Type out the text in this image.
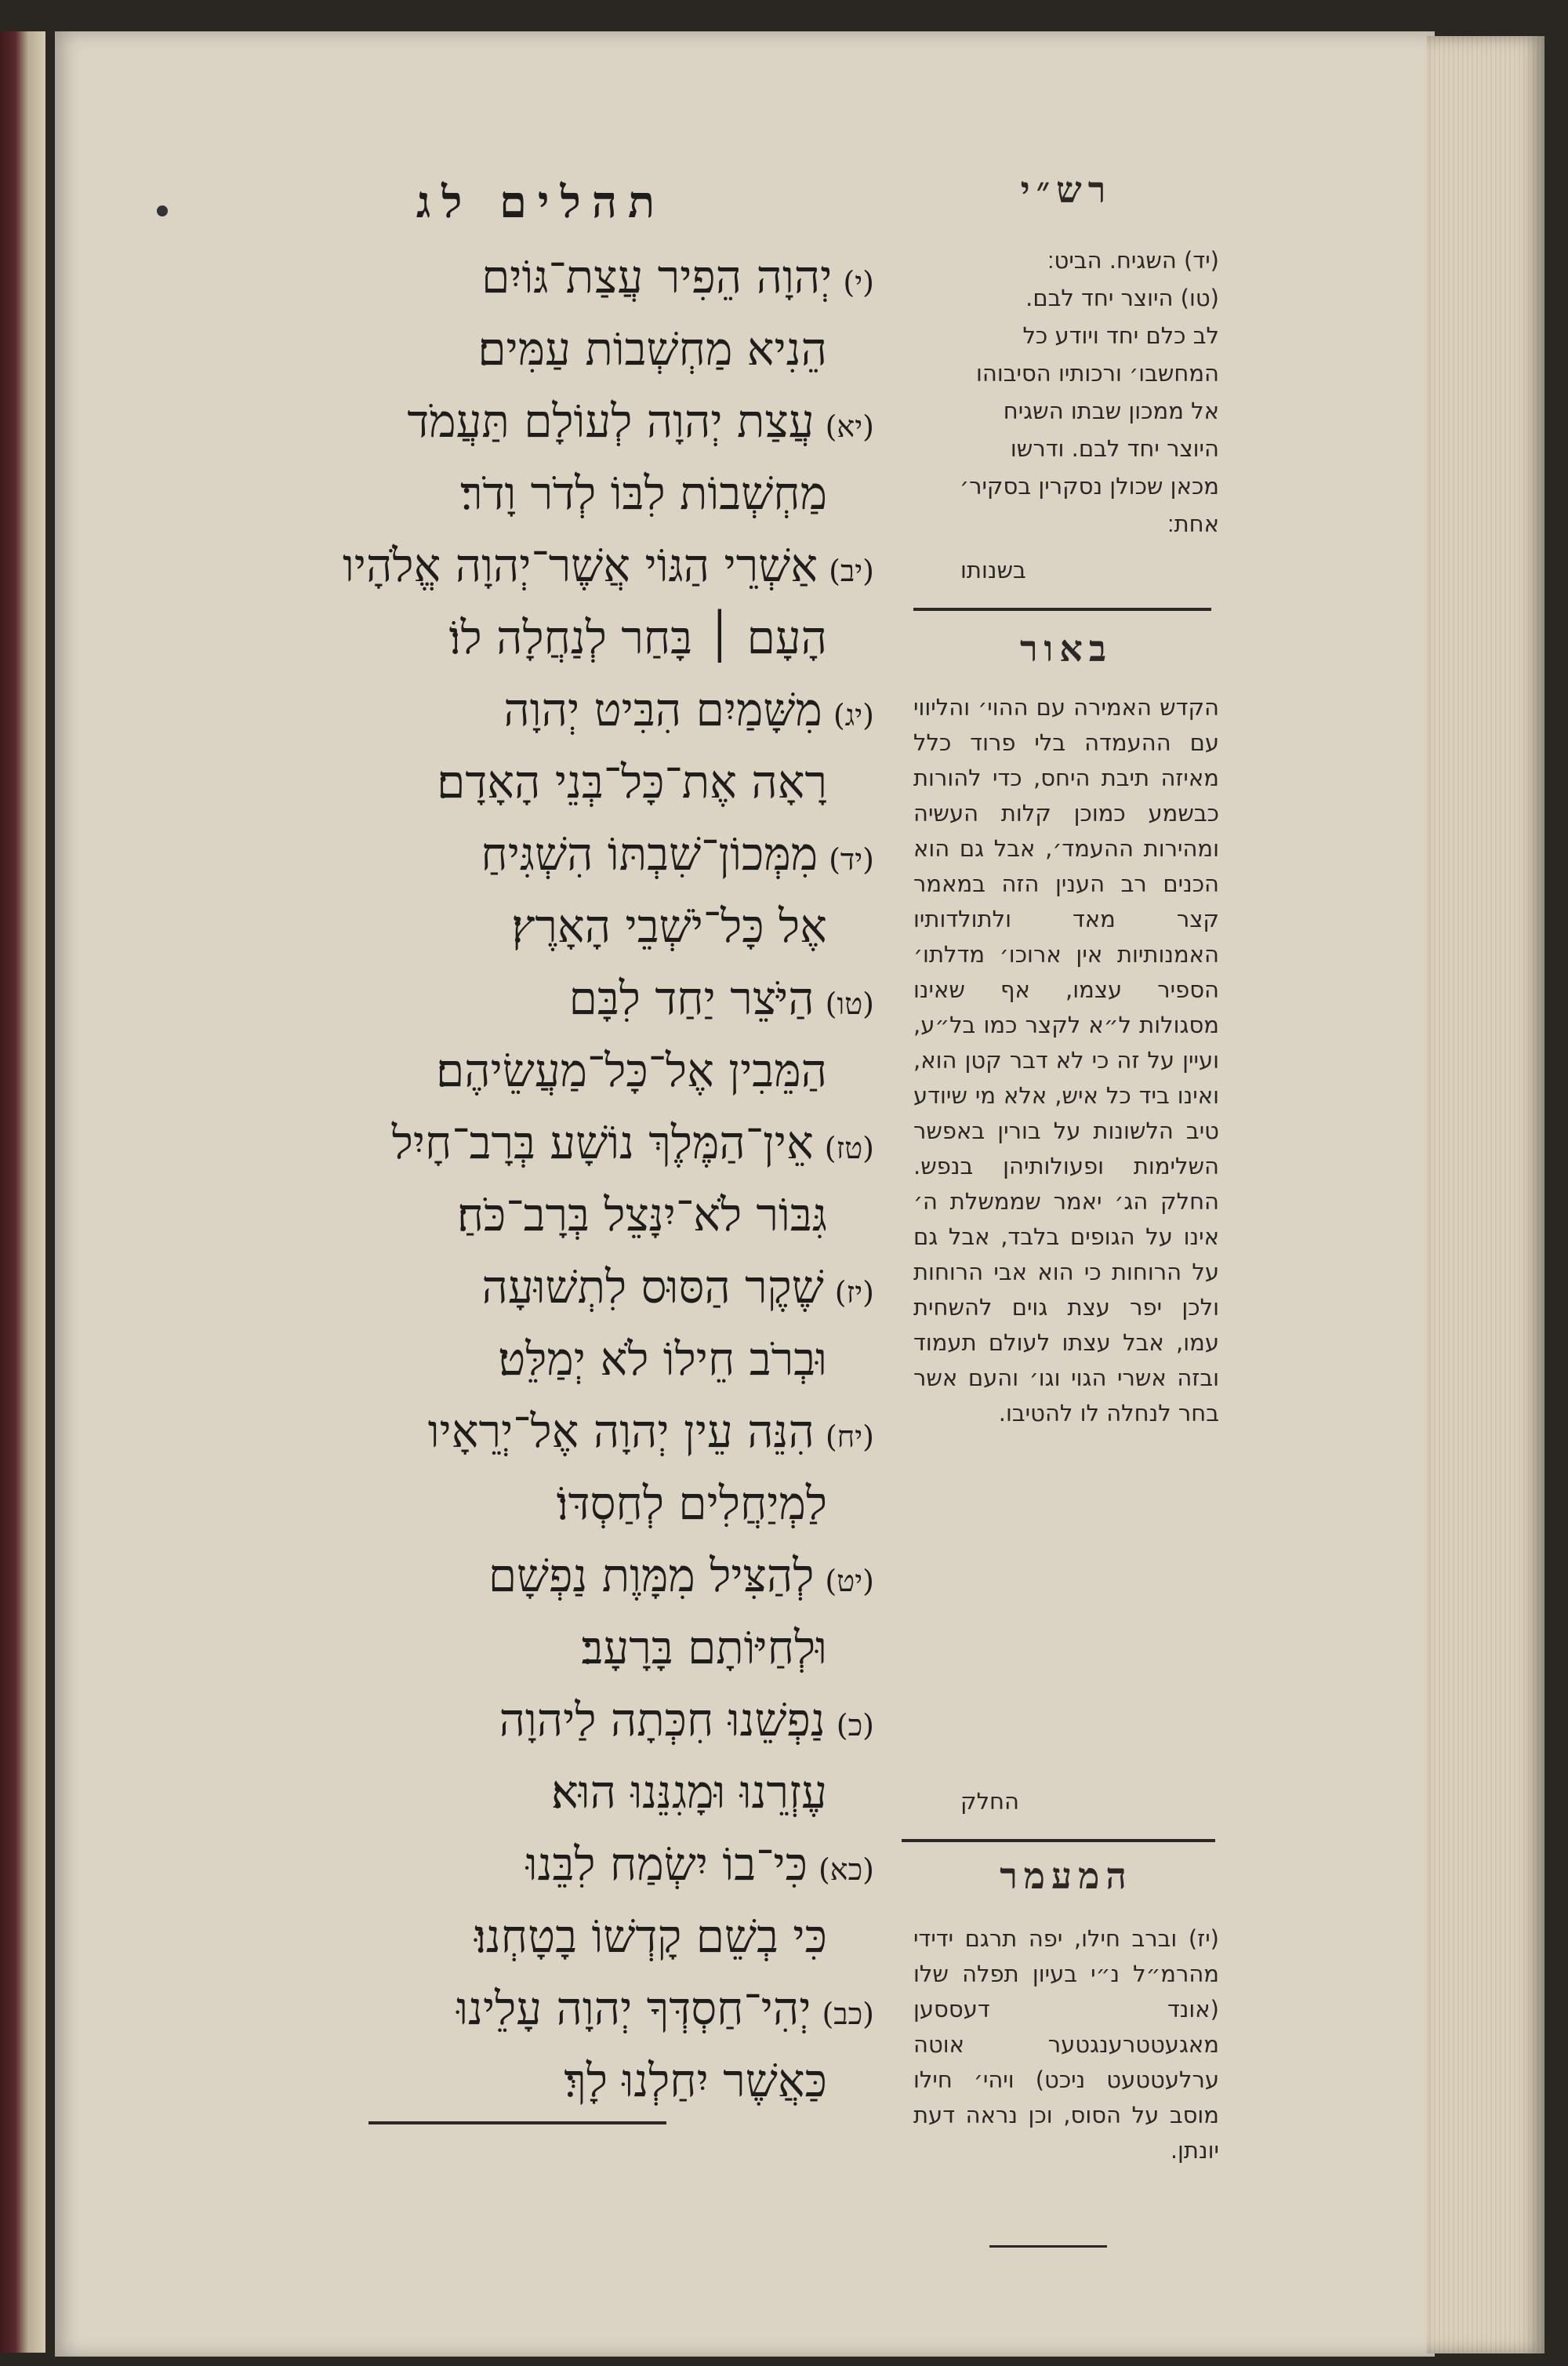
תהלים לג
(י)יְהוָה הֵפִיר עֲצַת־גּוֹיִם
הֵנִיא מַחְשְׁבוֹת עַמִּים׃
(יא)עֲצַת יְהוָה לְעוֹלָם תַּעֲמֹד
מַחְשְׁבוֹת לִבּוֹ לְדֹר וָדֹר׃
(יב)אַשְׁרֵי הַגּוֹי אֲשֶׁר־יְהוָה אֱלֹהָיו
הָעָם ׀ בָּחַר לְנַחֲלָה לוֹ׃
(יג)מִשָּׁמַיִם הִבִּיט יְהוָה
רָאָה אֶת־כָּל־בְּנֵי הָאָדָם׃
(יד)מִמְּכוֹן־שִׁבְתּוֹ הִשְׁגִּיחַ
אֶל כָּל־יֹשְׁבֵי הָאָרֶץ׃
(טו)הַיֹּצֵר יַחַד לִבָּם
הַמֵּבִין אֶל־כָּל־מַעֲשֵׂיהֶם׃
(טז)אֵין־הַמֶּלֶךְ נוֹשָׁע בְּרָב־חָיִל
גִּבּוֹר לֹא־יִנָּצֵל בְּרָב־כֹּחַ׃
(יז)שֶׁקֶר הַסּוּס לִתְשׁוּעָה
וּבְרֹב חֵילוֹ לֹא יְמַלֵּט׃
(יח)הִנֵּה עֵין יְהוָה אֶל־יְרֵאָיו
לַמְיַחֲלִים לְחַסְדּוֹ׃
(יט)לְהַצִּיל מִמָּוֶת נַפְשָׁם
וּלְחַיּוֹתָם בָּרָעָב׃
(כ)נַפְשֵׁנוּ חִכְּתָה לַיהוָה
עֶזְרֵנוּ וּמָגִנֵּנוּ הוּא׃
(כא)כִּי־בוֹ יִשְׂמַח לִבֵּנוּ
כִּי בְשֵׁם קָדְשׁוֹ בָטָחְנוּ׃
(כב)יְהִי־חַסְדְּךָ יְהוָה עָלֵינוּ
כַּאֲשֶׁר יִחַלְנוּ לָךְ׃
רש״י
(יד) השגיח. הביט׃
(טו) היוצר יחד לבם.
לב כלם יחד ויודע כל
המחשבו׳ ורכותיו הסיבוהו
אל ממכון שבתו השגיח
היוצר יחד לבם. ודרשו
מכאן שכולן נסקרין בסקיר׳
אחת׃
בשנותו
באור
הקדש האמירה עם ההוי׳ והליווי עם ההעמדה בלי פרוד כלל מאיזה תיבת היחס, כדי להורות כבשמע כמוכן קלות העשיה ומהירות ההעמד׳, אבל גם הוא הכנים רב הענין הזה במאמר קצר מאד ולתולדותיו האמנותיות אין ארוכו׳ מדלתו׳ הספיר עצמו, אף שאינו מסגולות ל״א לקצר כמו בל״ע, ועיין על זה כי לא דבר קטן הוא, ואינו ביד כל איש, אלא מי שיודע טיב הלשונות על בורין באפשר השלימות ופעולותיהן בנפש. החלק הג׳ יאמר שממשלת ה׳ אינו על הגופים בלבד, אבל גם על הרוחות כי הוא אבי הרוחות ולכן יפר עצת גוים להשחית עמו, אבל עצתו לעולם תעמוד ובזה אשרי הגוי וגו׳ והעם אשר בחר לנחלה לו להטיבו.
החלק
המעמר
(יז) וברב חילו, יפה תרגם ידידי מהרמ״ל נ״י בעיון תפלה שלו (אונד דעססען מאגעטטרענגטער אוטה ערלעטטעט ניכט) ויהי׳ חילו מוסב על הסוס, וכן נראה דעת יונתן.
